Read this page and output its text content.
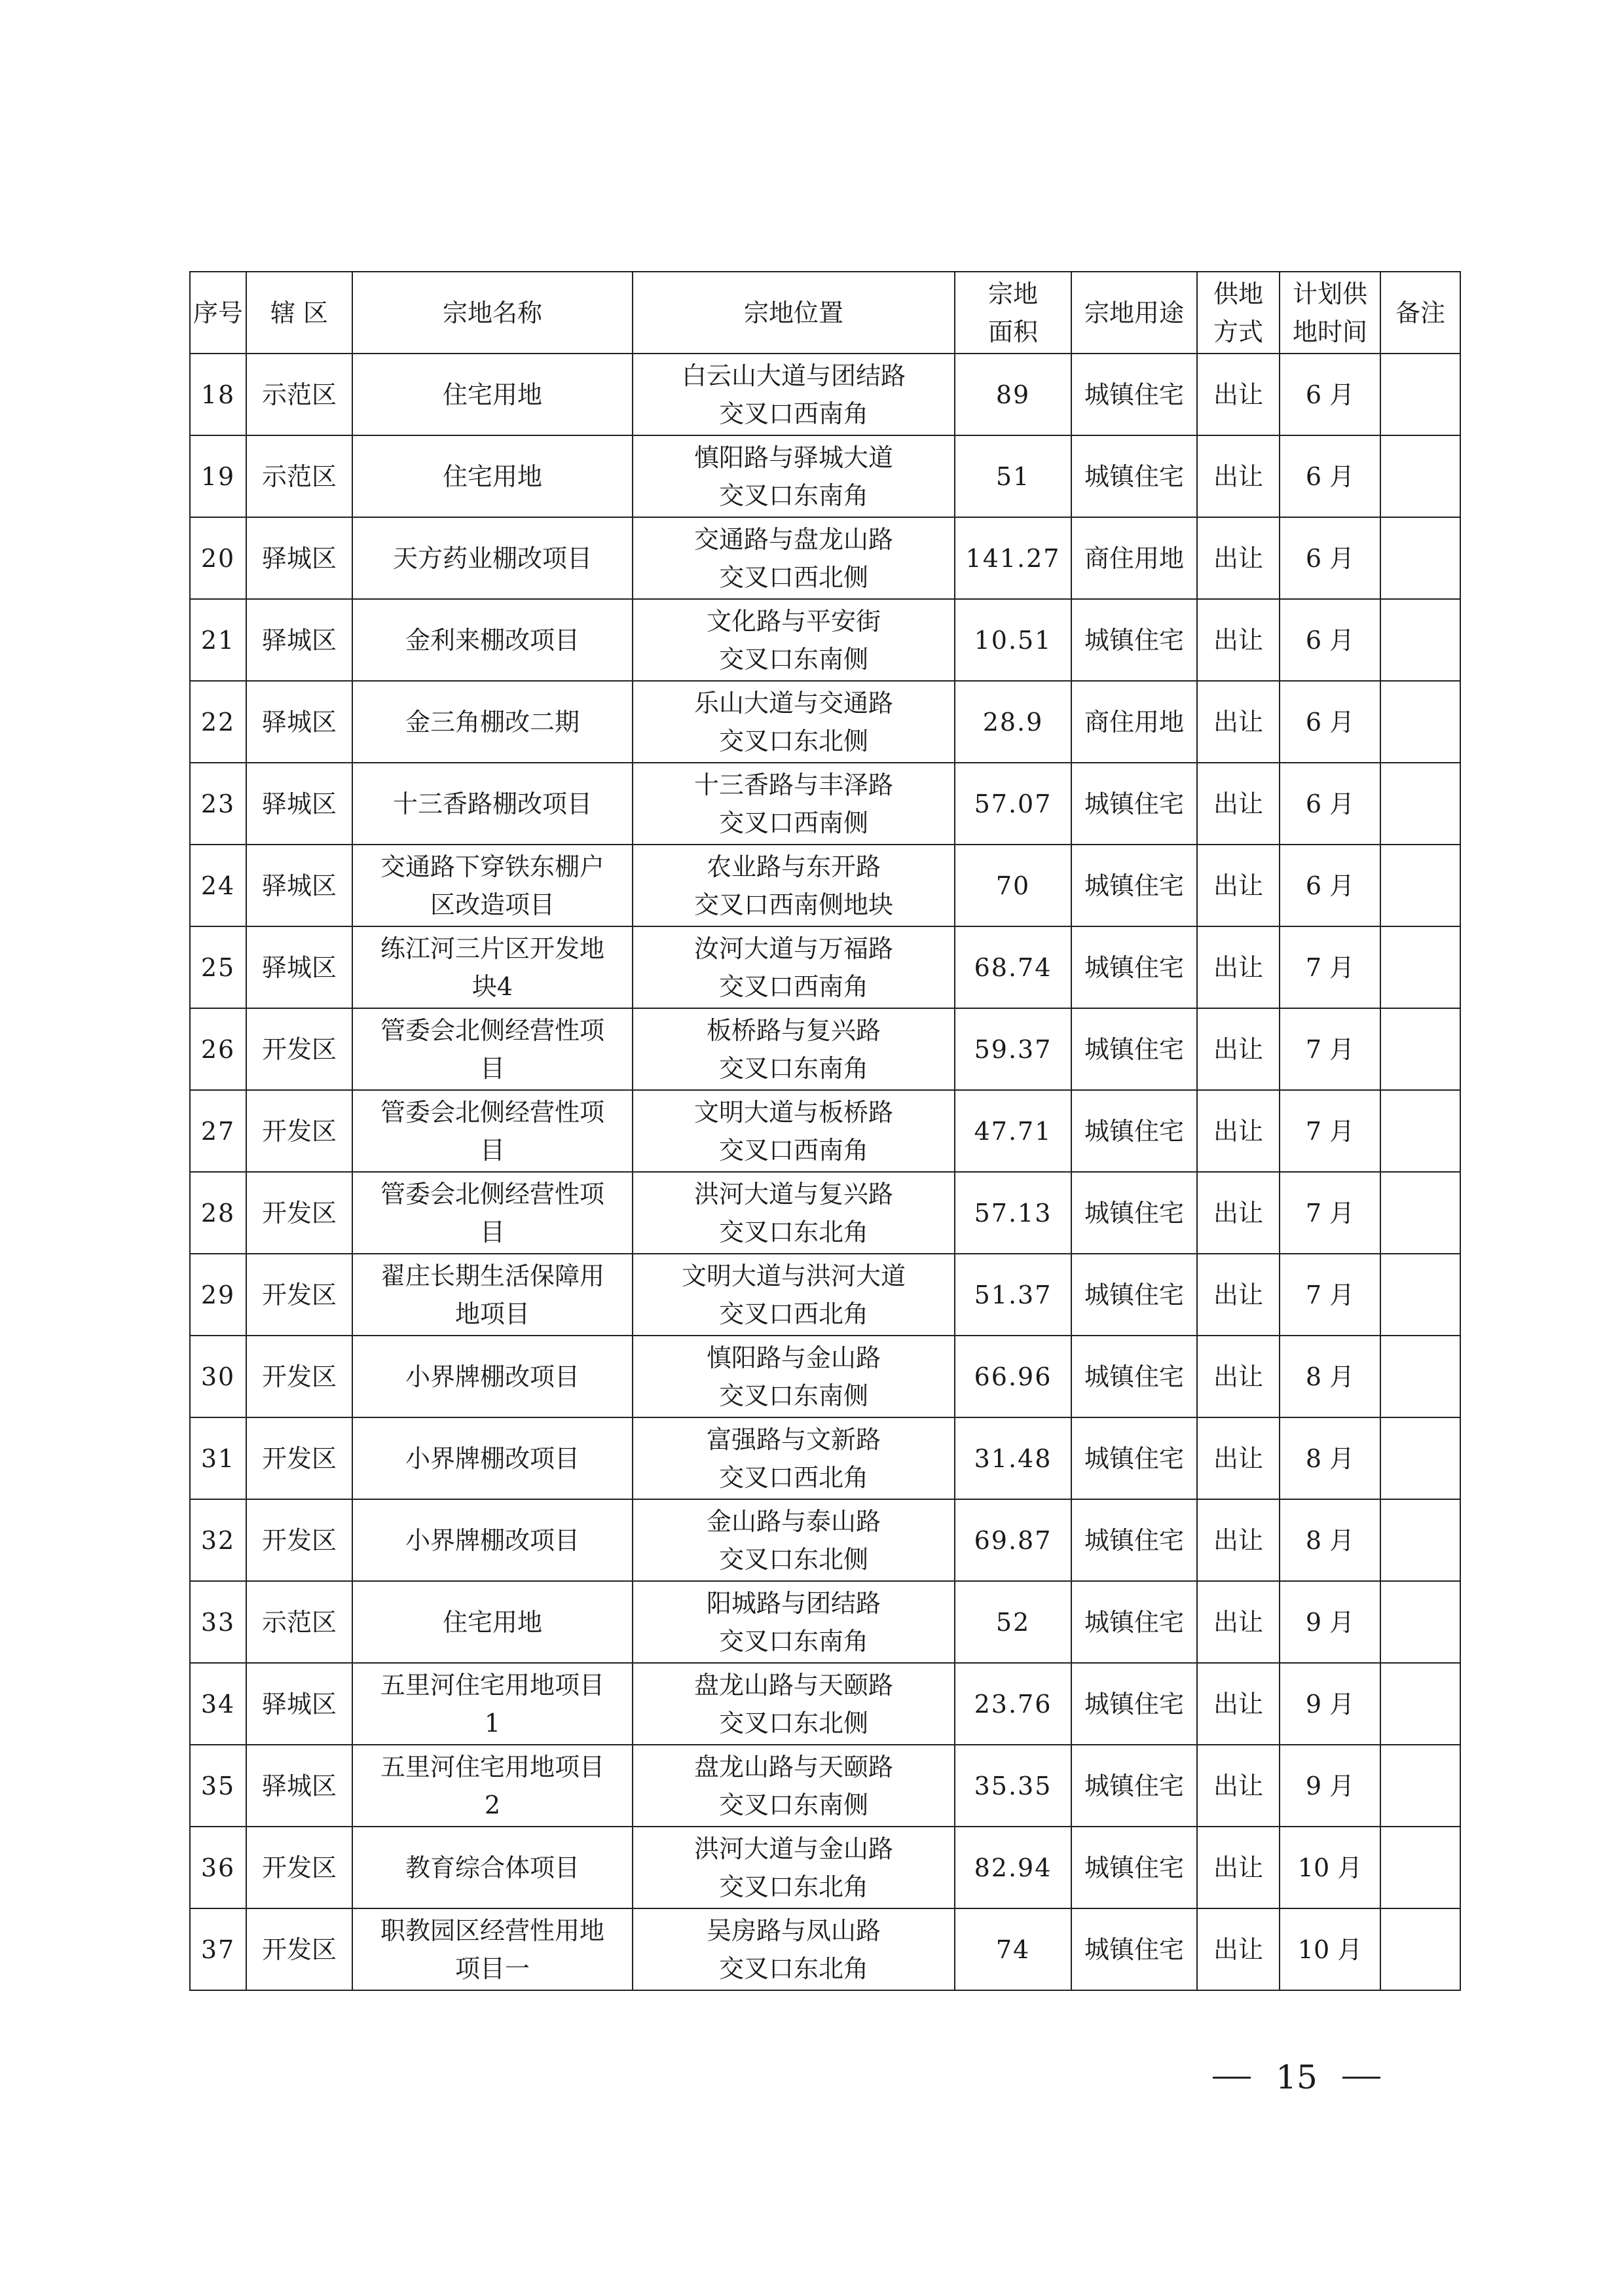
序号	辖 区	宗地名称	宗地位置	宗地面积	宗地用途	供地方式	计划供地时间	备注
18	示范区	住宅用地	白云山大道与团结路
交叉口西南角	89	城镇住宅	出让	6 月	
19	示范区	住宅用地	慎阳路与驿城大道
交叉口东南角	51	城镇住宅	出让	6 月	
20	驿城区	天方药业棚改项目	交通路与盘龙山路
交叉口西北侧	141.27	商住用地	出让	6 月	
21	驿城区	金利来棚改项目	文化路与平安街
交叉口东南侧	10.51	城镇住宅	出让	6 月	
22	驿城区	金三角棚改二期	乐山大道与交通路
交叉口东北侧	28.9	商住用地	出让	6 月	
23	驿城区	十三香路棚改项目	十三香路与丰泽路
交叉口西南侧	57.07	城镇住宅	出让	6 月	
24	驿城区	交通路下穿铁东棚户区改造项目	农业路与东开路
交叉口西南侧地块	70	城镇住宅	出让	6 月	
25	驿城区	练江河三片区开发地块4	汝河大道与万福路
交叉口西南角	68.74	城镇住宅	出让	7 月	
26	开发区	管委会北侧经营性项目	板桥路与复兴路
交叉口东南角	59.37	城镇住宅	出让	7 月	
27	开发区	管委会北侧经营性项目	文明大道与板桥路
交叉口西南角	47.71	城镇住宅	出让	7 月	
28	开发区	管委会北侧经营性项目	洪河大道与复兴路
交叉口东北角	57.13	城镇住宅	出让	7 月	
29	开发区	翟庄长期生活保障用地项目	文明大道与洪河大道
交叉口西北角	51.37	城镇住宅	出让	7 月	
30	开发区	小界牌棚改项目	慎阳路与金山路
交叉口东南侧	66.96	城镇住宅	出让	8 月	
31	开发区	小界牌棚改项目	富强路与文新路
交叉口西北角	31.48	城镇住宅	出让	8 月	
32	开发区	小界牌棚改项目	金山路与泰山路
交叉口东北侧	69.87	城镇住宅	出让	8 月	
33	示范区	住宅用地	阳城路与团结路
交叉口东南角	52	城镇住宅	出让	9 月	
34	驿城区	五里河住宅用地项目 1	盘龙山路与天颐路
交叉口东北侧	23.76	城镇住宅	出让	9 月	
35	驿城区	五里河住宅用地项目 2	盘龙山路与天颐路
交叉口东南侧	35.35	城镇住宅	出让	9 月	
36	开发区	教育综合体项目	洪河大道与金山路
交叉口东北角	82.94	城镇住宅	出让	10 月	
37	开发区	职教园区经营性用地项目一	吴房路与凤山路
交叉口东北角	74	城镇住宅	出让	10 月	
15
